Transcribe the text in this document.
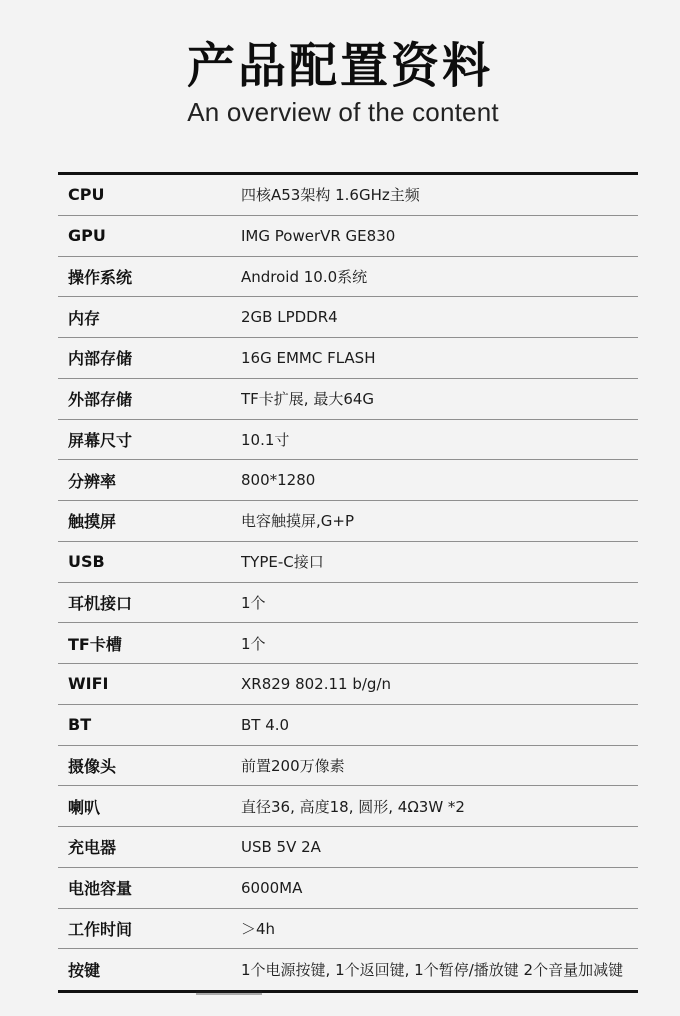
产品配置资料
An overview of the content
CPU	四核A53架构 1.6GHz主频
GPU	IMG PowerVR GE830
操作系统	Android 10.0系统
内存	2GB LPDDR4
内部存储	16G EMMC FLASH
外部存储	TF卡扩展, 最大64G
屏幕尺寸	10.1寸
分辨率	800*1280
触摸屏	电容触摸屏,G+P
USB	TYPE-C接口
耳机接口	1个
TF卡槽	1个
WIFI	XR829 802.11 b/g/n
BT	BT 4.0
摄像头	前置200万像素
喇叭	直径36, 高度18, 圆形, 4Ω3W *2
充电器	USB 5V 2A
电池容量	6000MA
工作时间	＞4h
按键	1个电源按键, 1个返回键, 1个暂停/播放键 2个音量加减键
